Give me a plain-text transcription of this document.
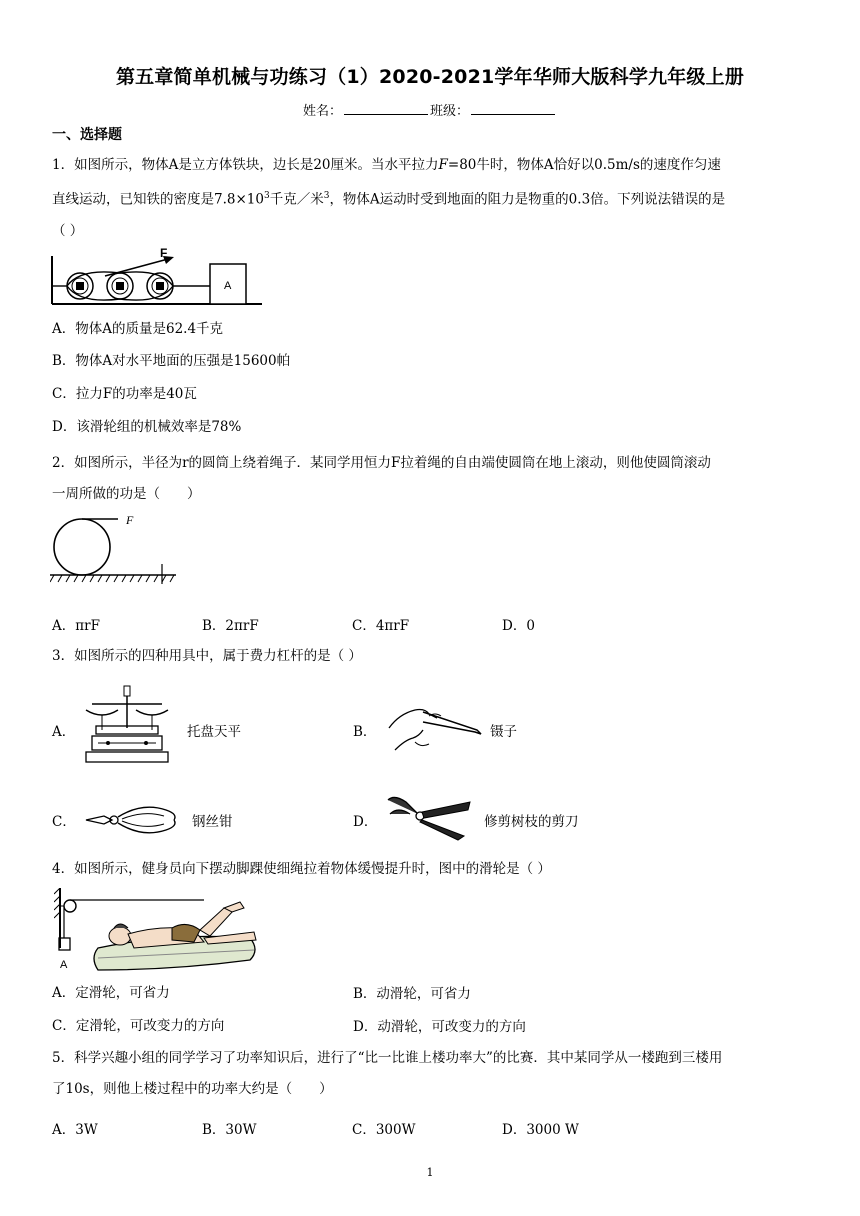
第五章简单机械与功练习（1）2020-2021学年华师大版科学九年级上册
姓名：	班级：
一、选择题
1．如图所示，物体A是立方体铁块，边长是20厘米。当水平拉力F=80牛时，物体A恰好以0.5m/s的速度作匀速
直线运动，已知铁的密度是$7.8\times 10^3$千克／米$^3$，物体A运动时受到地面的阻力是物重的0.3倍。下列说法错误的是
（ ）
F
A
A．物体A的质量是62.4千克
B．物体A对水平地面的压强是15600帕
C．拉力F的功率是40瓦
D．该滑轮组的机械效率是78%
2．如图所示，半径为r的圆筒上绕着绳子．某同学用恒力F拉着绳的自由端使圆筒在地上滚动，则他使圆筒滚动
一周所做的功是（　　）
F
A．πrF	B．2πrF	C．4πrF	D．0
3．如图所示的四种用具中，属于费力杠杆的是（ ）
A．	托盘天平	B．	镊子
C．	钢丝钳	D．	修剪树枝的剪刀
4．如图所示，健身员向下摆动脚踝使细绳拉着物体缓慢提升时，图中的滑轮是（ ）
A
A．定滑轮，可省力	B．动滑轮，可省力
C．定滑轮，可改变力的方向	D．动滑轮，可改变力的方向
5．科学兴趣小组的同学学习了功率知识后，进行了“比一比谁上楼功率大”的比赛．其中某同学从一楼跑到三楼用
了10s，则他上楼过程中的功率大约是（　　）
A．3W	B．30W	C．300W	D．3000 W
1
